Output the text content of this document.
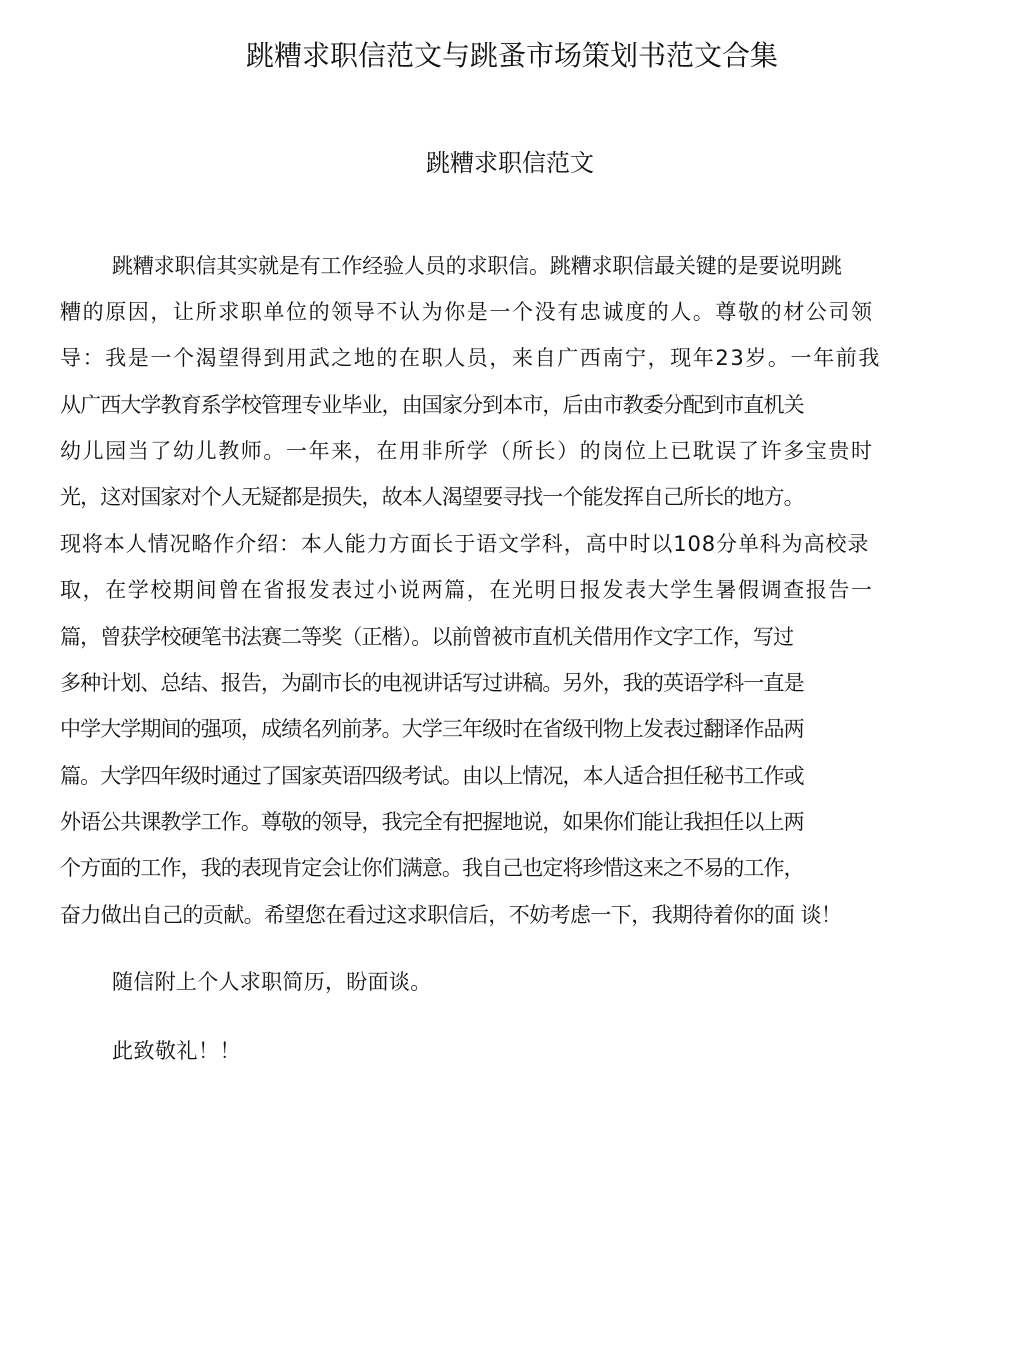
跳糟求职信范文与跳蚤市场策划书范文合集
跳糟求职信范文

跳糟求职信其实就是有工作经验人员的求职信。跳糟求职信最关键的是要说明跳

糟的原因，让所求职单位的领导不认为你是一个没有忠诚度的人。尊敬的材公司领

导：我是一个渴望得到用武之地的在职人员，来自广西南宁，现年23岁。一年前我

从广西大学教育系学校管理专业毕业，由国家分到本市，后由市教委分配到市直机关

幼儿园当了幼儿教师。一年来，在用非所学（所长）的岗位上已耽误了许多宝贵时

光，这对国家对个人无疑都是损失，故本人渴望要寻找一个能发挥自己所长的地方。

现将本人情况略作介绍：本人能力方面长于语文学科，高中时以108分单科为高校录

取，在学校期间曾在省报发表过小说两篇，在光明日报发表大学生暑假调查报告一

篇，曾获学校硬笔书法赛二等奖（正楷）。以前曾被市直机关借用作文字工作，写过

多种计划、总结、报告，为副市长的电视讲话写过讲稿。另外，我的英语学科一直是

中学大学期间的强项，成绩名列前茅。大学三年级时在省级刊物上发表过翻译作品两

篇。大学四年级时通过了国家英语四级考试。由以上情况，本人适合担任秘书工作或

外语公共课教学工作。尊敬的领导，我完全有把握地说，如果你们能让我担任以上两

个方面的工作，我的表现肯定会让你们满意。我自己也定将珍惜这来之不易的工作，

奋力做出自己的贡献。希望您在看过这求职信后，不妨考虑一下，我期待着你的面 谈！

随信附上个人求职简历，盼面谈。

此致敬礼！！
